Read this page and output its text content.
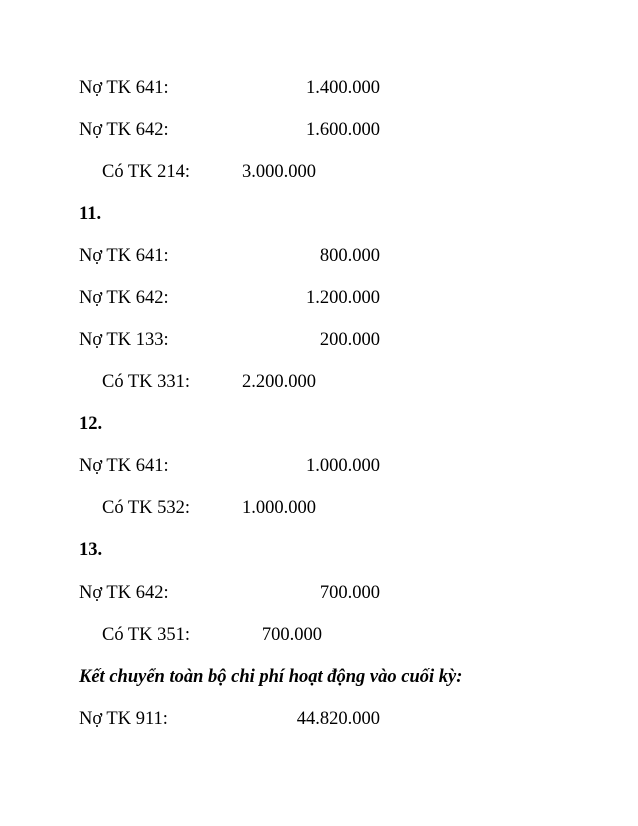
Nợ TK 641:

	1.400.000

Nợ TK 642:

	1.600.000

Có TK 214:

	3.000.000

11.

Nợ TK 641:

	800.000

Nợ TK 642:

	1.200.000

Nợ TK 133:

	200.000

Có TK 331:

	2.200.000

12.

Nợ TK 641:

	1.000.000

Có TK 532:

	1.000.000

13.

Nợ TK 642:

	700.000

Có TK 351:

	700.000

Kết chuyển toàn bộ chi phí hoạt động vào cuối kỳ:

Nợ TK 911:

	44.820.000
